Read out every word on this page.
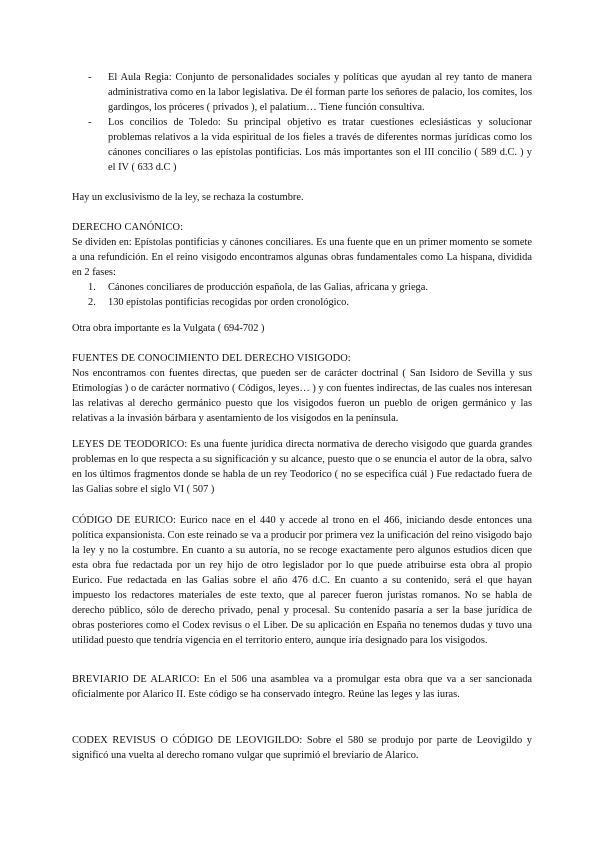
- El Aula Regia: Conjunto de personalidades sociales y políticas que ayudan al rey tanto de manera administrativa como en la labor legislativa. De él forman parte los señores de palacio, los comites, los gardingos, los próceres ( privados ), el palatium… Tiene función consultiva.

- Los concilios de Toledo: Su principal objetivo es tratar cuestiones eclesiásticas y solucionar problemas relativos a la vida espiritual de los fieles a través de diferentes normas jurídicas como los cánones conciliares o las epístolas pontificias. Los más importantes son el III concilio ( 589 d.C. ) y el IV ( 633 d.C )

Hay un exclusivismo de la ley, se rechaza la costumbre.

DERECHO CANÓNICO:

Se dividen en: Epístolas pontificias y cánones conciliares. Es una fuente que en un primer momento se somete a una refundición. En el reino visigodo encontramos algunas obras fundamentales como La hispana, dividida en 2 fases:

1. Cánones conciliares de producción española, de las Galias, africana y griega.

2. 130 epístolas pontificias recogidas por orden cronológico.

Otra obra importante es la Vulgata ( 694-702 )

FUENTES DE CONOCIMIENTO DEL DERECHO VISIGODO:

Nos encontramos con fuentes directas, que pueden ser de carácter doctrinal ( San Isidoro de Sevilla y sus Etimologías ) o de carácter normativo ( Códigos, leyes… ) y con fuentes indirectas, de las cuales nos interesan las relativas al derecho germánico puesto que los visigodos fueron un pueblo de origen germánico y las relativas a la invasión bárbara y asentamiento de los visigodos en la península.

LEYES DE TEODORICO: Es una fuente jurídica directa normativa de derecho visigodo que guarda grandes problemas en lo que respecta a su significación y su alcance, puesto que o se enuncia el autor de la obra, salvo en los últimos fragmentos donde se habla de un rey Teodorico ( no se especifica cuál ) Fue redactado fuera de las Galias sobre el siglo VI ( 507 )

CÓDIGO DE EURICO: Eurico nace en el 440 y accede al trono en el 466, iniciando desde entonces una política expansionista. Con este reinado se va a producir por primera vez la unificación del reino visigodo bajo la ley y no la costumbre. En cuanto a su autoría, no se recoge exactamente pero algunos estudios dicen que esta obra fue redactada por un rey hijo de otro legislador por lo que puede atribuirse esta obra al propio Eurico. Fue redactada en las Galias sobre el año 476 d.C. En cuanto a su contenido, será el que hayan impuesto los redactores materiales de este texto, que al parecer fueron juristas romanos. No se habla de derecho público, sólo de derecho privado, penal y procesal. Su contenido pasaría a ser la base jurídica de obras posteriores como el Codex revisus o el Liber. De su aplicación en España no tenemos dudas y tuvo una utilidad puesto que tendría vigencia en el territorio entero, aunque iría designado para los visigodos.

BREVIARIO DE ALARICO: En el 506 una asamblea va a promulgar esta obra que va a ser sancionada oficialmente por Alarico II. Este código se ha conservado íntegro. Reúne las leges y las iuras.

CODEX REVISUS O CÓDIGO DE LEOVIGILDO: Sobre el 580 se produjo por parte de Leovigildo y significó una vuelta al derecho romano vulgar que suprimió el breviario de Alarico.
